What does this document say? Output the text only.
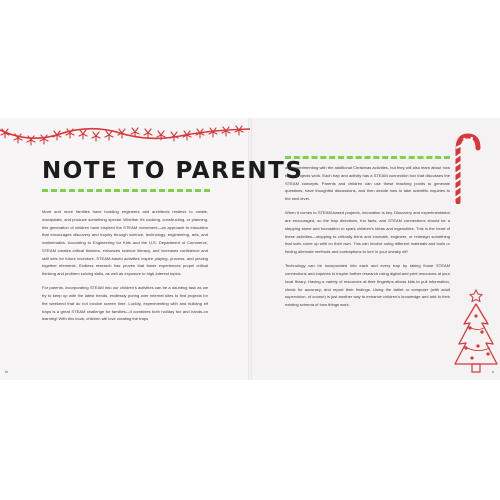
NOTE TO PARENTS

More and more families have budding engineers and architects restless to create, manipulate, and produce something special. Whether it's cooking, constructing, or planning, this generation of children have inspired the STEAM movement—an approach to education that encourages discovery and inquiry through science, technology, engineering, arts, and mathematics. According to Engineering for Kids and the U.S. Department of Commerce, STEAM creates critical thinkers, enhances science literacy, and increases confidence and skill sets for future inventors. STEAM-based activities inspire playing, process, and piecing together elements. Endless research has proven that these experiences propel critical thinking and problem solving skills, as well as exposure to high-interest topics.

For parents, incorporating STEAM into our children's activities can be a daunting task as we try to keep up with the latest trends, endlessly poring over internet sites to find projects for the weekend that do not involve screen time. Luckily, experimenting with and building elf traps is a great STEAM challenge for families—it combines both holiday fun and hands-on learning! With this book, children will love creating the traps

and experimenting with the additional Christmas activities, but they will also learn about how these projects work. Each trap and activity has a STEAM connection box that discusses the STEAM concepts. Parents and children can use these teaching points to generate questions, have thoughtful discussions, and then decide how to take scientific inquiries to the next level.

When it comes to STEAM-based projects, innovation is key. Discovery and experimentation are encouraged, so the trap directions, fun facts, and STEAM connections should be a stepping stone and foundation to spark children's ideas and ingenuities. This is the heart of these activities—stopping to critically think and innovate, engineer, or redesign something that suits come up with on their own. This can involve using different materials and tools or finding alternate methods and contraptions to lure in your sneaky elf!

Technology can be incorporated into each and every trap by taking those STEAM connections and inquiries to inspire further research using digital and print resources at your local library. Having a variety of resources at their fingertips allows kids to pull information, check for accuracy, and report their findings. Using the tablet or computer (with adult supervision, of course) is just another way to enhance children's knowledge and add to their existing schema of how things work.

iv	v
